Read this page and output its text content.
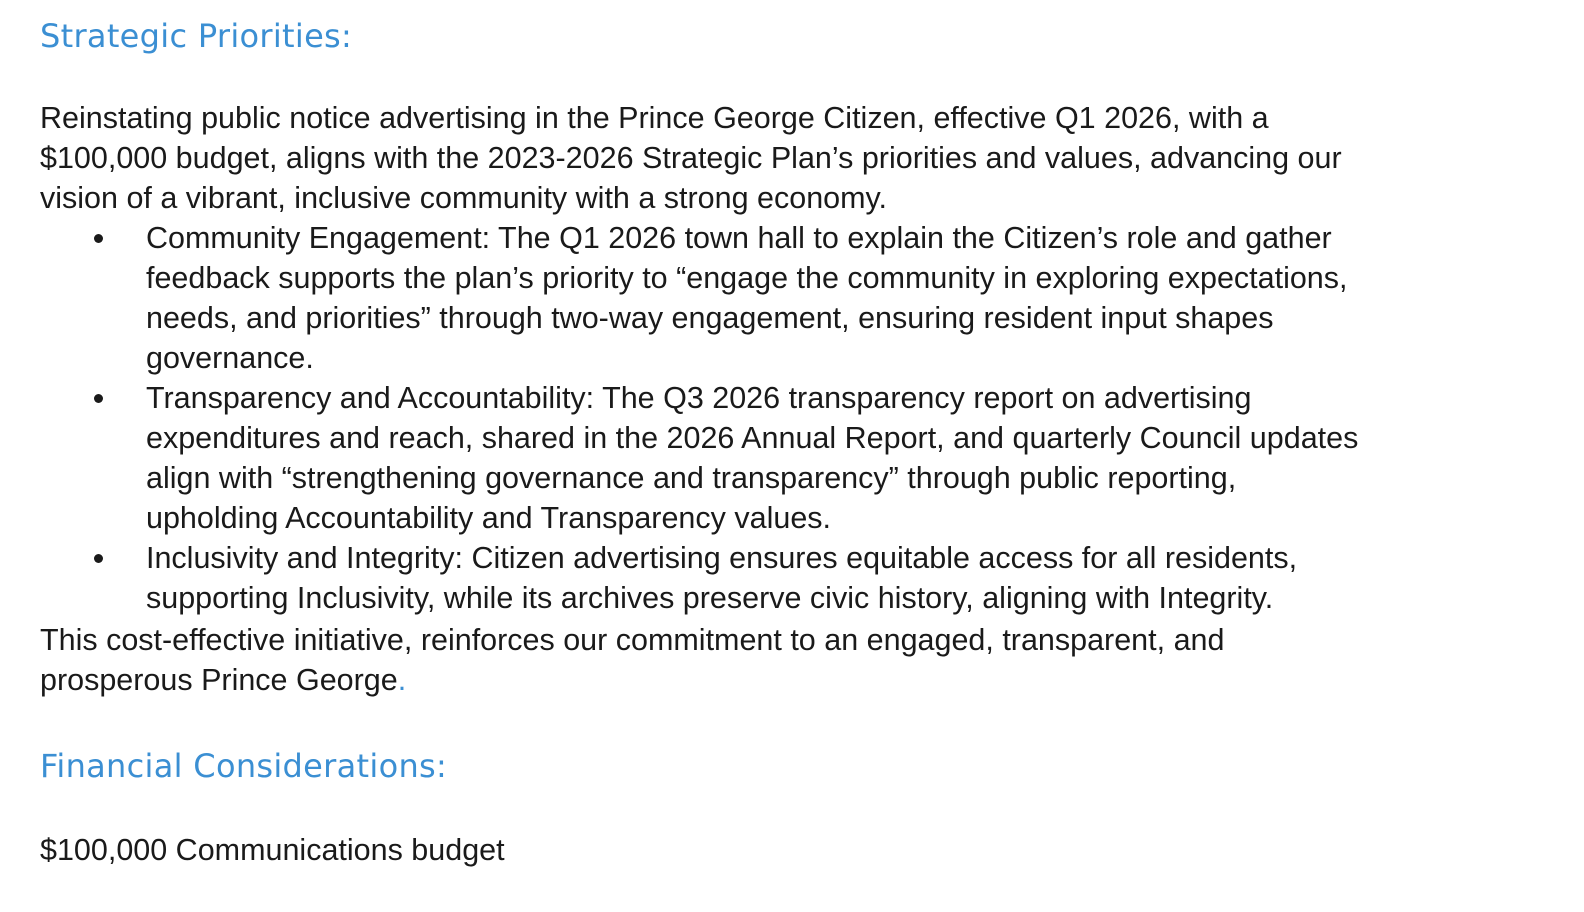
Strategic Priorities:
Reinstating public notice advertising in the Prince George Citizen, effective Q1 2026, with a
$100,000 budget, aligns with the 2023-2026 Strategic Plan’s priorities and values, advancing our
vision of a vibrant, inclusive community with a strong economy.
Community Engagement: The Q1 2026 town hall to explain the Citizen’s role and gather
feedback supports the plan’s priority to “engage the community in exploring expectations,
needs, and priorities” through two-way engagement, ensuring resident input shapes
governance.
Transparency and Accountability: The Q3 2026 transparency report on advertising
expenditures and reach, shared in the 2026 Annual Report, and quarterly Council updates
align with “strengthening governance and transparency” through public reporting,
upholding Accountability and Transparency values.
Inclusivity and Integrity: Citizen advertising ensures equitable access for all residents,
supporting Inclusivity, while its archives preserve civic history, aligning with Integrity.
This cost-effective initiative, reinforces our commitment to an engaged, transparent, and
prosperous Prince George.
Financial Considerations:
$100,000 Communications budget
